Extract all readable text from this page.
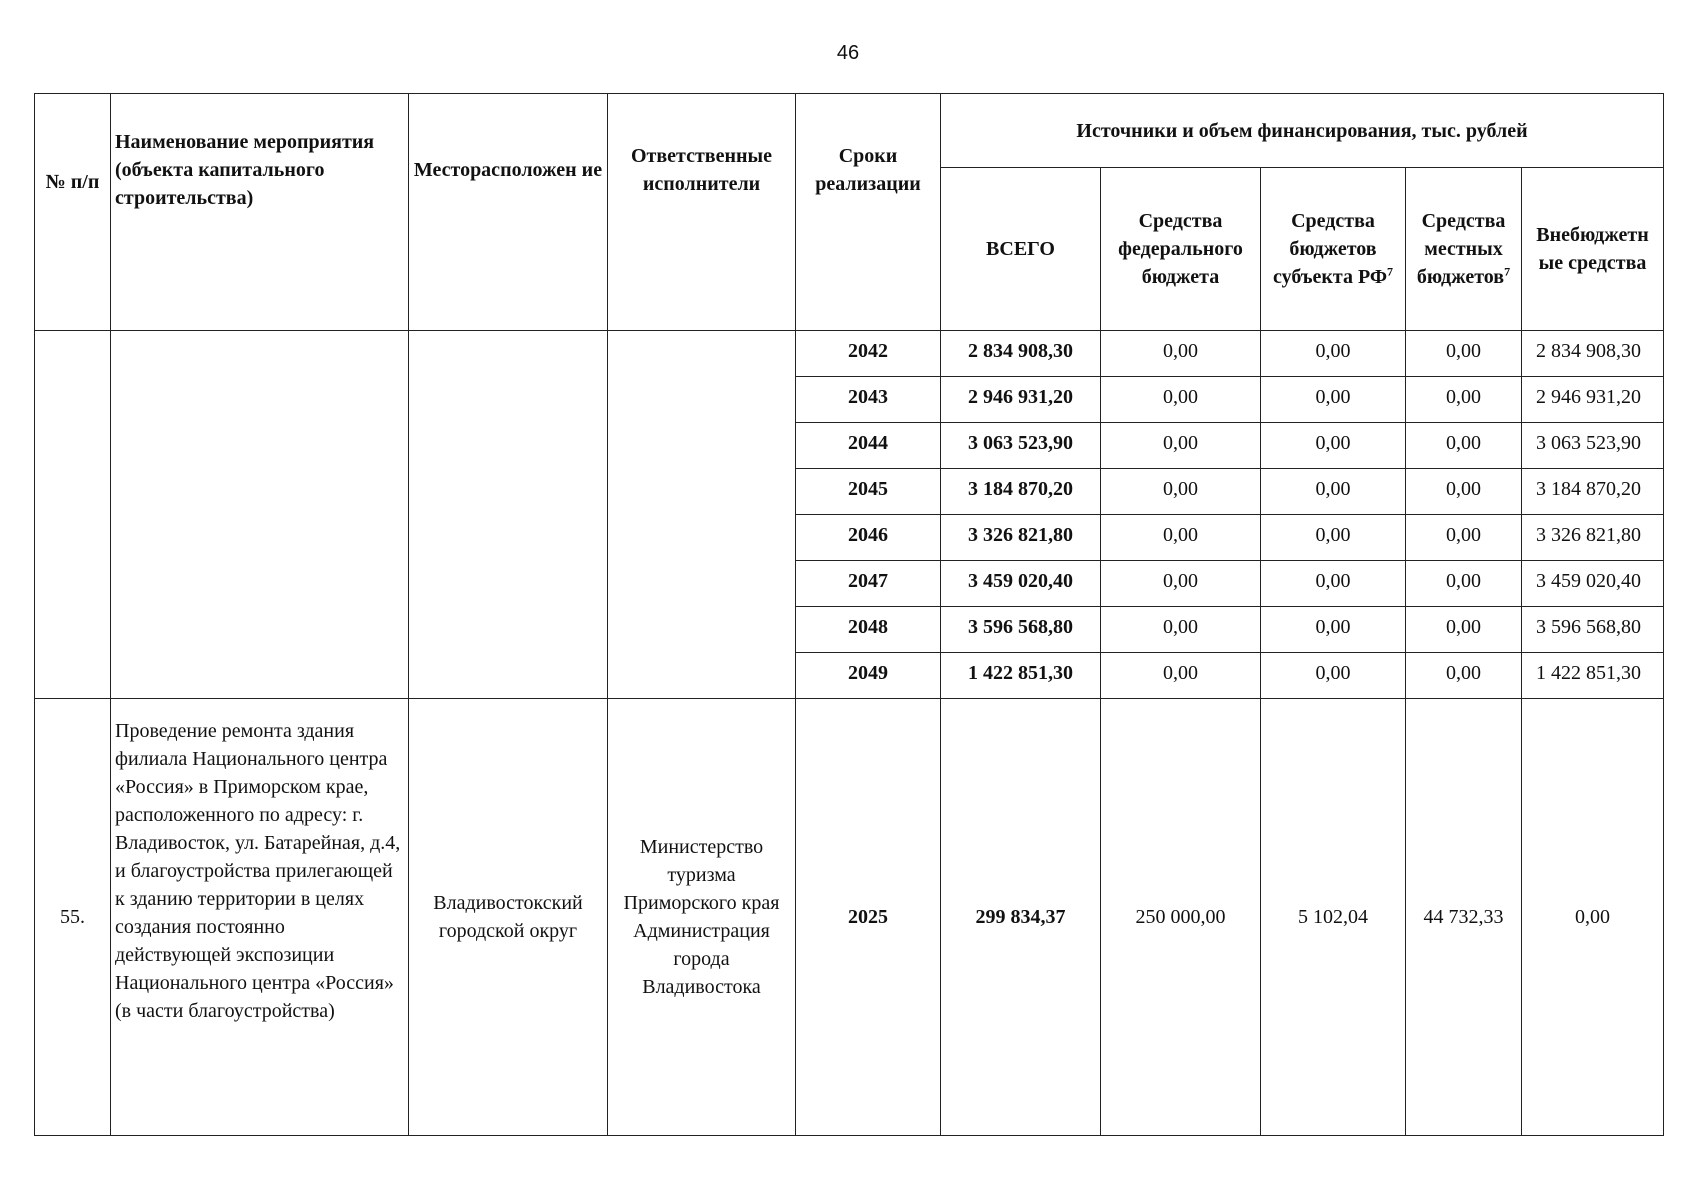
46
№ п/п	Наименование мероприятия (объекта капитального строительства)	Месторасположен ие	Ответственные исполнители	Сроки реализации	Источники и объем финансирования, тыс. рублей				
					ВСЕГО	Средства федерального бюджета	Средства бюджетов субъекта $РФ^7$	Средства местных бюджетов$^7$	Внебюджетн ые средства
				2042	2 834 908,30	0,00	0,00	0,00	2 834 908,30
				2043	2 946 931,20	0,00	0,00	0,00	2 946 931,20
				2044	3 063 523,90	0,00	0,00	0,00	3 063 523,90
				2045	3 184 870,20	0,00	0,00	0,00	3 184 870,20
				2046	3 326 821,80	0,00	0,00	0,00	3 326 821,80
				2047	3 459 020,40	0,00	0,00	0,00	3 459 020,40
				2048	3 596 568,80	0,00	0,00	0,00	3 596 568,80
				2049	1 422 851,30	0,00	0,00	0,00	1 422 851,30
55.	Проведение ремонта здания филиала Национального центра «Россия» в Приморском крае, расположенного по адресу: г. Владивосток, ул. Батарейная, д.4, и благоустройства прилегающей к зданию территории в целях создания постоянно действующей экспозиции Национального центра «Россия» (в части благоустройства)	Владивостокский городской округ	Министерство туризма Приморского края Администрация города Владивостока	2025	299 834,37	250 000,00	5 102,04	44 732,33	0,00
